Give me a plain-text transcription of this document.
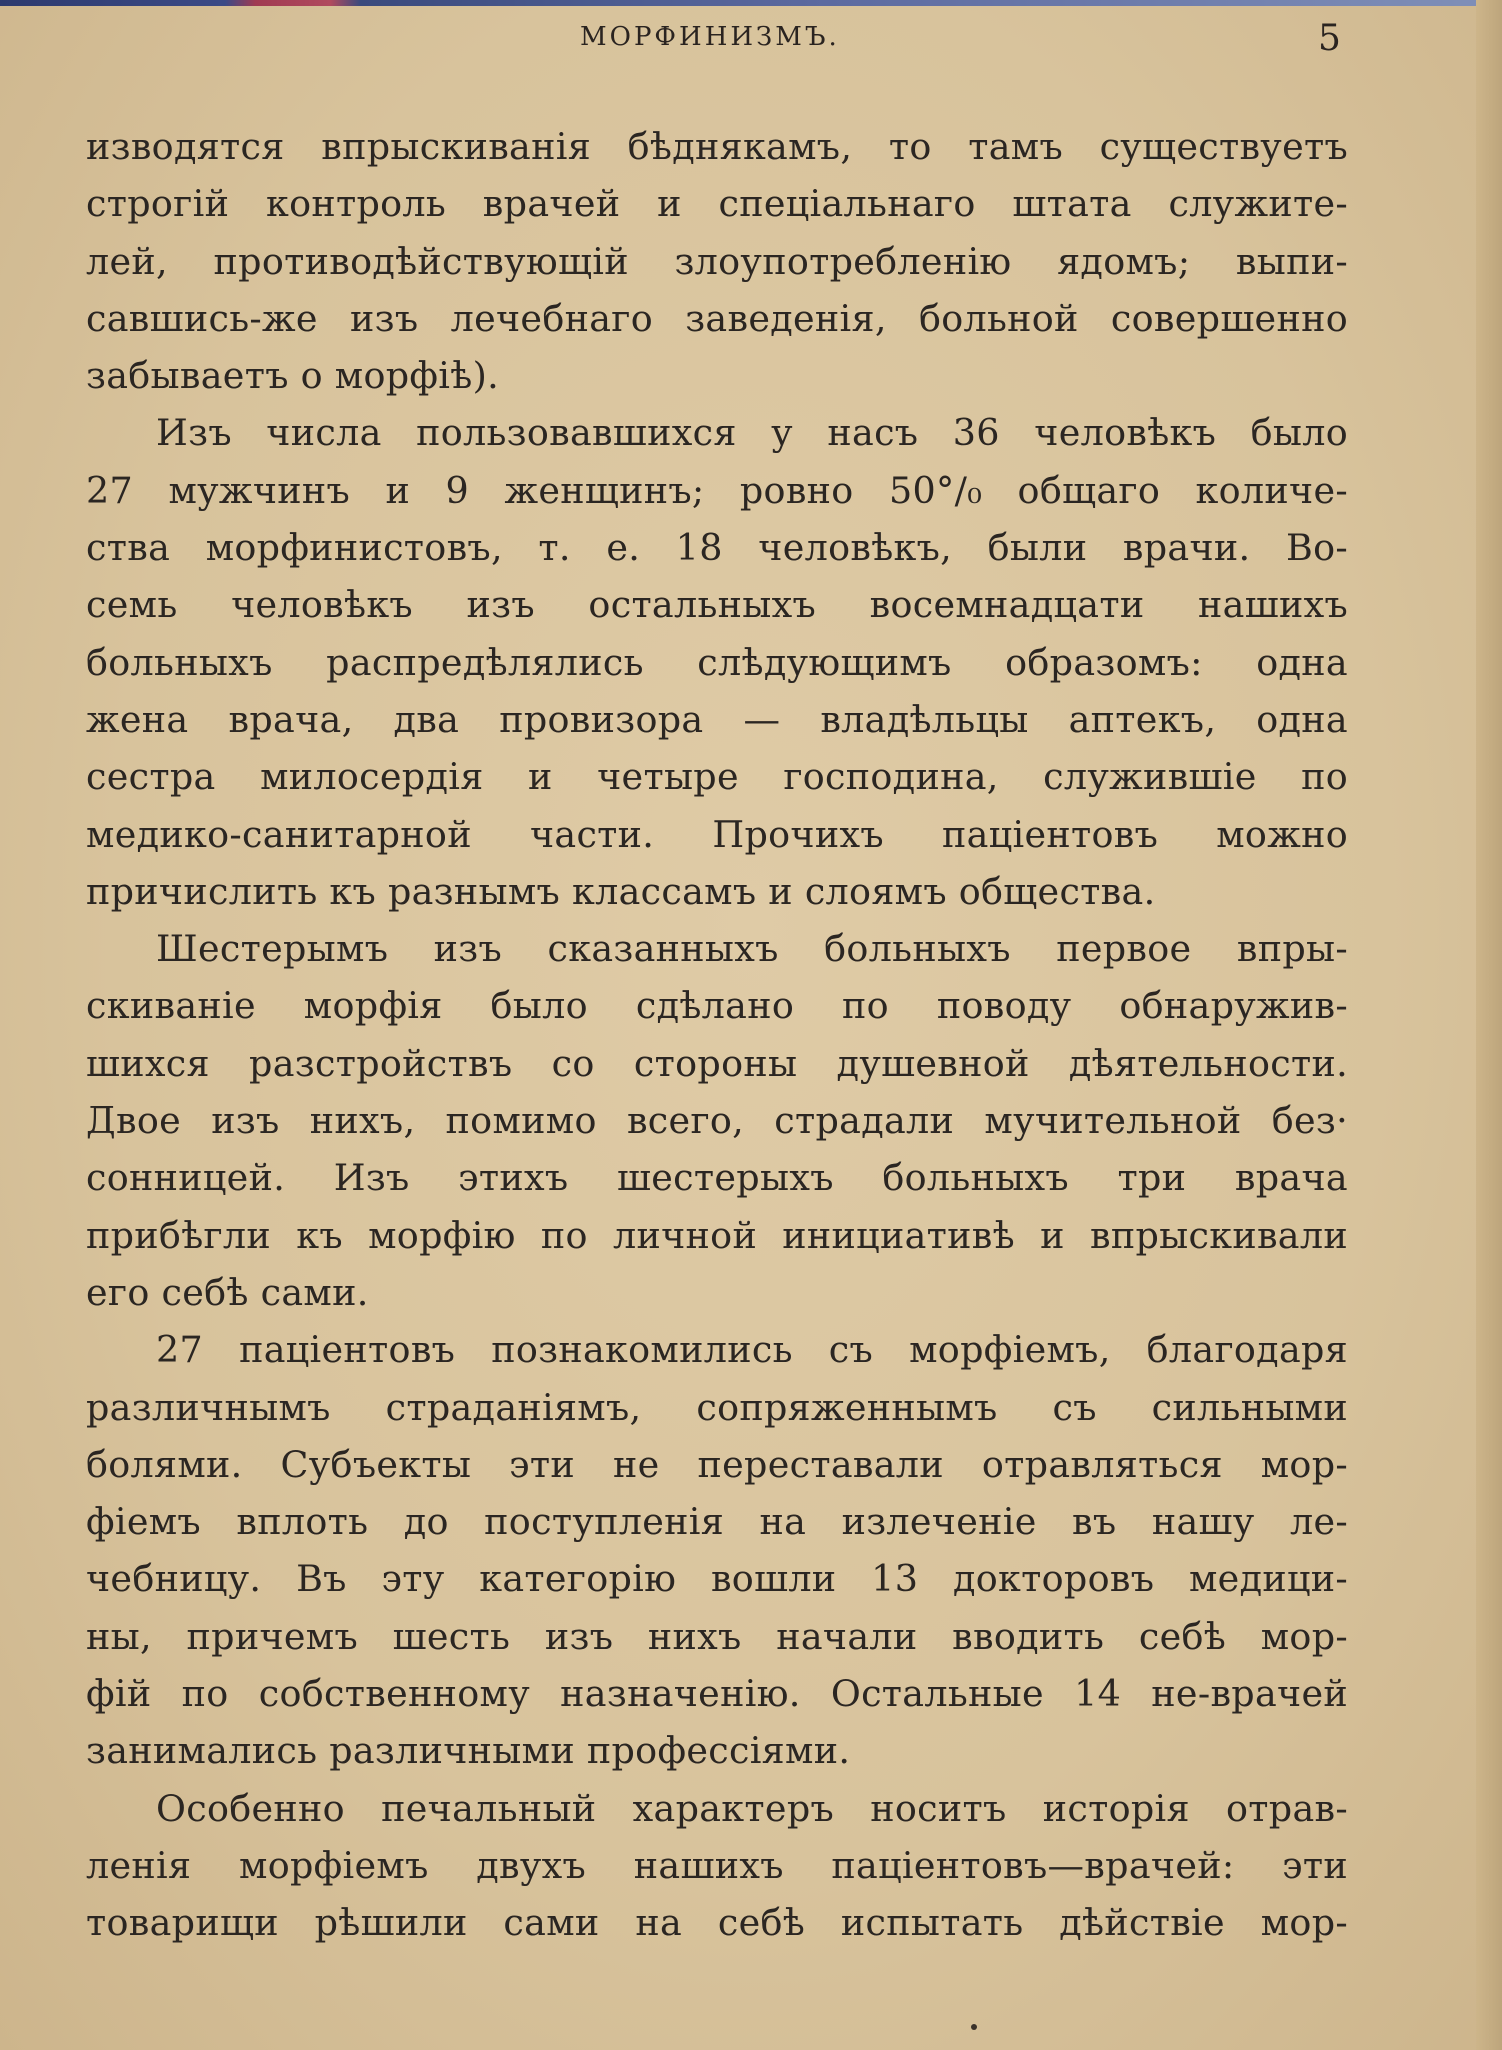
МОРФИНИЗМЪ.	5
изводятся впрыскиванія бѣднякамъ, то тамъ существуетъ
строгій контроль врачей и спеціальнаго штата служите-
лей, противодѣйствующій злоупотребленію ядомъ; выпи-
савшись-же изъ лечебнаго заведенія, больной совершенно
забываетъ о морфіѣ).
Изъ числа пользовавшихся у насъ 36 человѣкъ было
27 мужчинъ и 9 женщинъ; ровно 50°/₀ общаго количе-
ства морфинистовъ, т. е. 18 человѣкъ, были врачи. Во-
семь человѣкъ изъ остальныхъ восемнадцати нашихъ
больныхъ распредѣлялись слѣдующимъ образомъ: одна
жена врача, два провизора — владѣльцы аптекъ, одна
сестра милосердія и четыре господина, служившіе по
медико-санитарной части. Прочихъ паціентовъ можно
причислить къ разнымъ классамъ и слоямъ общества.
Шестерымъ изъ сказанныхъ больныхъ первое впры-
скиваніе морфія было сдѣлано по поводу обнаружив-
шихся разстройствъ со стороны душевной дѣятельности.
Двое изъ нихъ, помимо всего, страдали мучительной без·
сонницей. Изъ этихъ шестерыхъ больныхъ три врача
прибѣгли къ морфію по личной инициативѣ и впрыскивали
его себѣ сами.
27 паціентовъ познакомились съ морфіемъ, благодаря
различнымъ страданіямъ, сопряженнымъ съ сильными
болями. Субъекты эти не переставали отравляться мор-
фіемъ вплоть до поступленія на излеченіе въ нашу ле-
чебницу. Въ эту категорію вошли 13 докторовъ медици-
ны, причемъ шесть изъ нихъ начали вводить себѣ мор-
фій по собственному назначенію. Остальные 14 не-врачей
занимались различными профессіями.
Особенно печальный характеръ носитъ исторія отрав-
ленія морфіемъ двухъ нашихъ паціентовъ—врачей: эти
товарищи рѣшили сами на себѣ испытать дѣйствіе мор-
